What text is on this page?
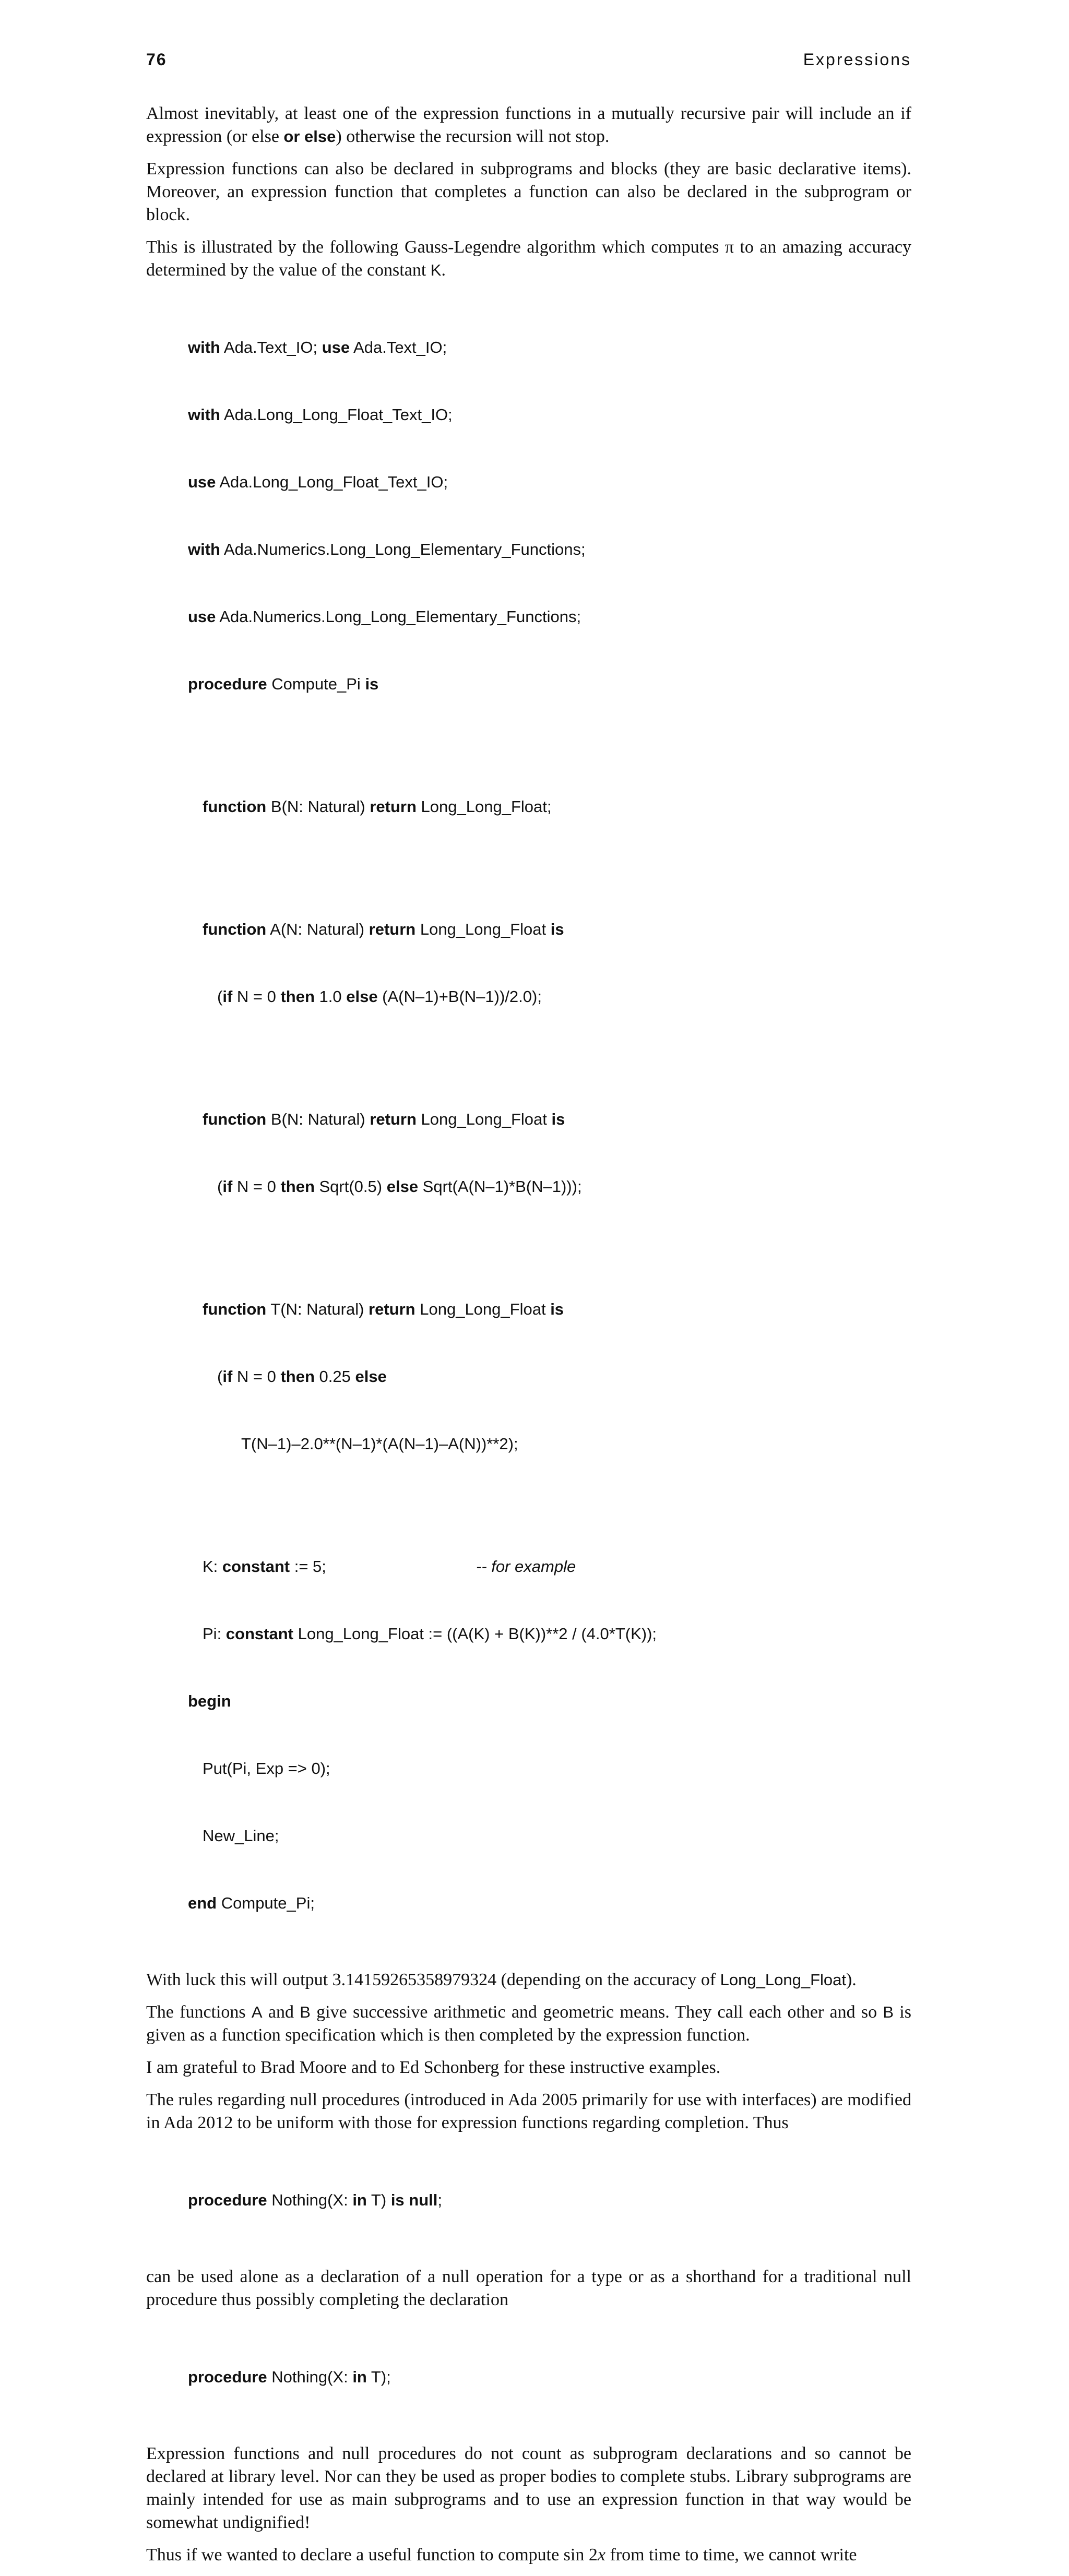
76	Expressions

Almost inevitably, at least one of the expression functions in a mutually recursive pair will include an if expression (or else or else) otherwise the recursion will not stop.

Expression functions can also be declared in subprograms and blocks (they are basic declarative items). Moreover, an expression function that completes a function can also be declared in the subprogram or block.

This is illustrated by the following Gauss-Legendre algorithm which computes π to an amazing accuracy determined by the value of the constant K.

with Ada.Text_IO; use Ada.Text_IO;

with Ada.Long_Long_Float_Text_IO;

use Ada.Long_Long_Float_Text_IO;

with Ada.Numerics.Long_Long_Elementary_Functions;

use Ada.Numerics.Long_Long_Elementary_Functions;

procedure Compute_Pi is

function B(N: Natural) return Long_Long_Float;

function A(N: Natural) return Long_Long_Float is

(if N = 0 then 1.0 else (A(N–1)+B(N–1))/2.0);

function B(N: Natural) return Long_Long_Float is

(if N = 0 then Sqrt(0.5) else Sqrt(A(N–1)*B(N–1)));

function T(N: Natural) return Long_Long_Float is

(if N = 0 then 0.25 else

T(N–1)–2.0**(N–1)*(A(N–1)–A(N))**2);

K: constant := 5;	-- for example

Pi: constant Long_Long_Float := ((A(K) + B(K))**2 / (4.0*T(K));

begin

Put(Pi, Exp => 0);

New_Line;

end Compute_Pi;

With luck this will output 3.14159265358979324 (depending on the accuracy of Long_Long_Float).

The functions A and B give successive arithmetic and geometric means. They call each other and so B is given as a function specification which is then completed by the expression function.

I am grateful to Brad Moore and to Ed Schonberg for these instructive examples.

The rules regarding null procedures (introduced in Ada 2005 primarily for use with interfaces) are modified in Ada 2012 to be uniform with those for expression functions regarding completion. Thus

procedure Nothing(X: in T) is null;

can be used alone as a declaration of a null operation for a type or as a shorthand for a traditional null procedure thus possibly completing the declaration

procedure Nothing(X: in T);

Expression functions and null procedures do not count as subprogram declarations and so cannot be declared at library level. Nor can they be used as proper bodies to complete stubs. Library subprograms are mainly intended for use as main subprograms and to use an expression function in that way would be somewhat undignified!

Thus if we wanted to declare a useful function to compute sin 2x from time to time, we cannot write
